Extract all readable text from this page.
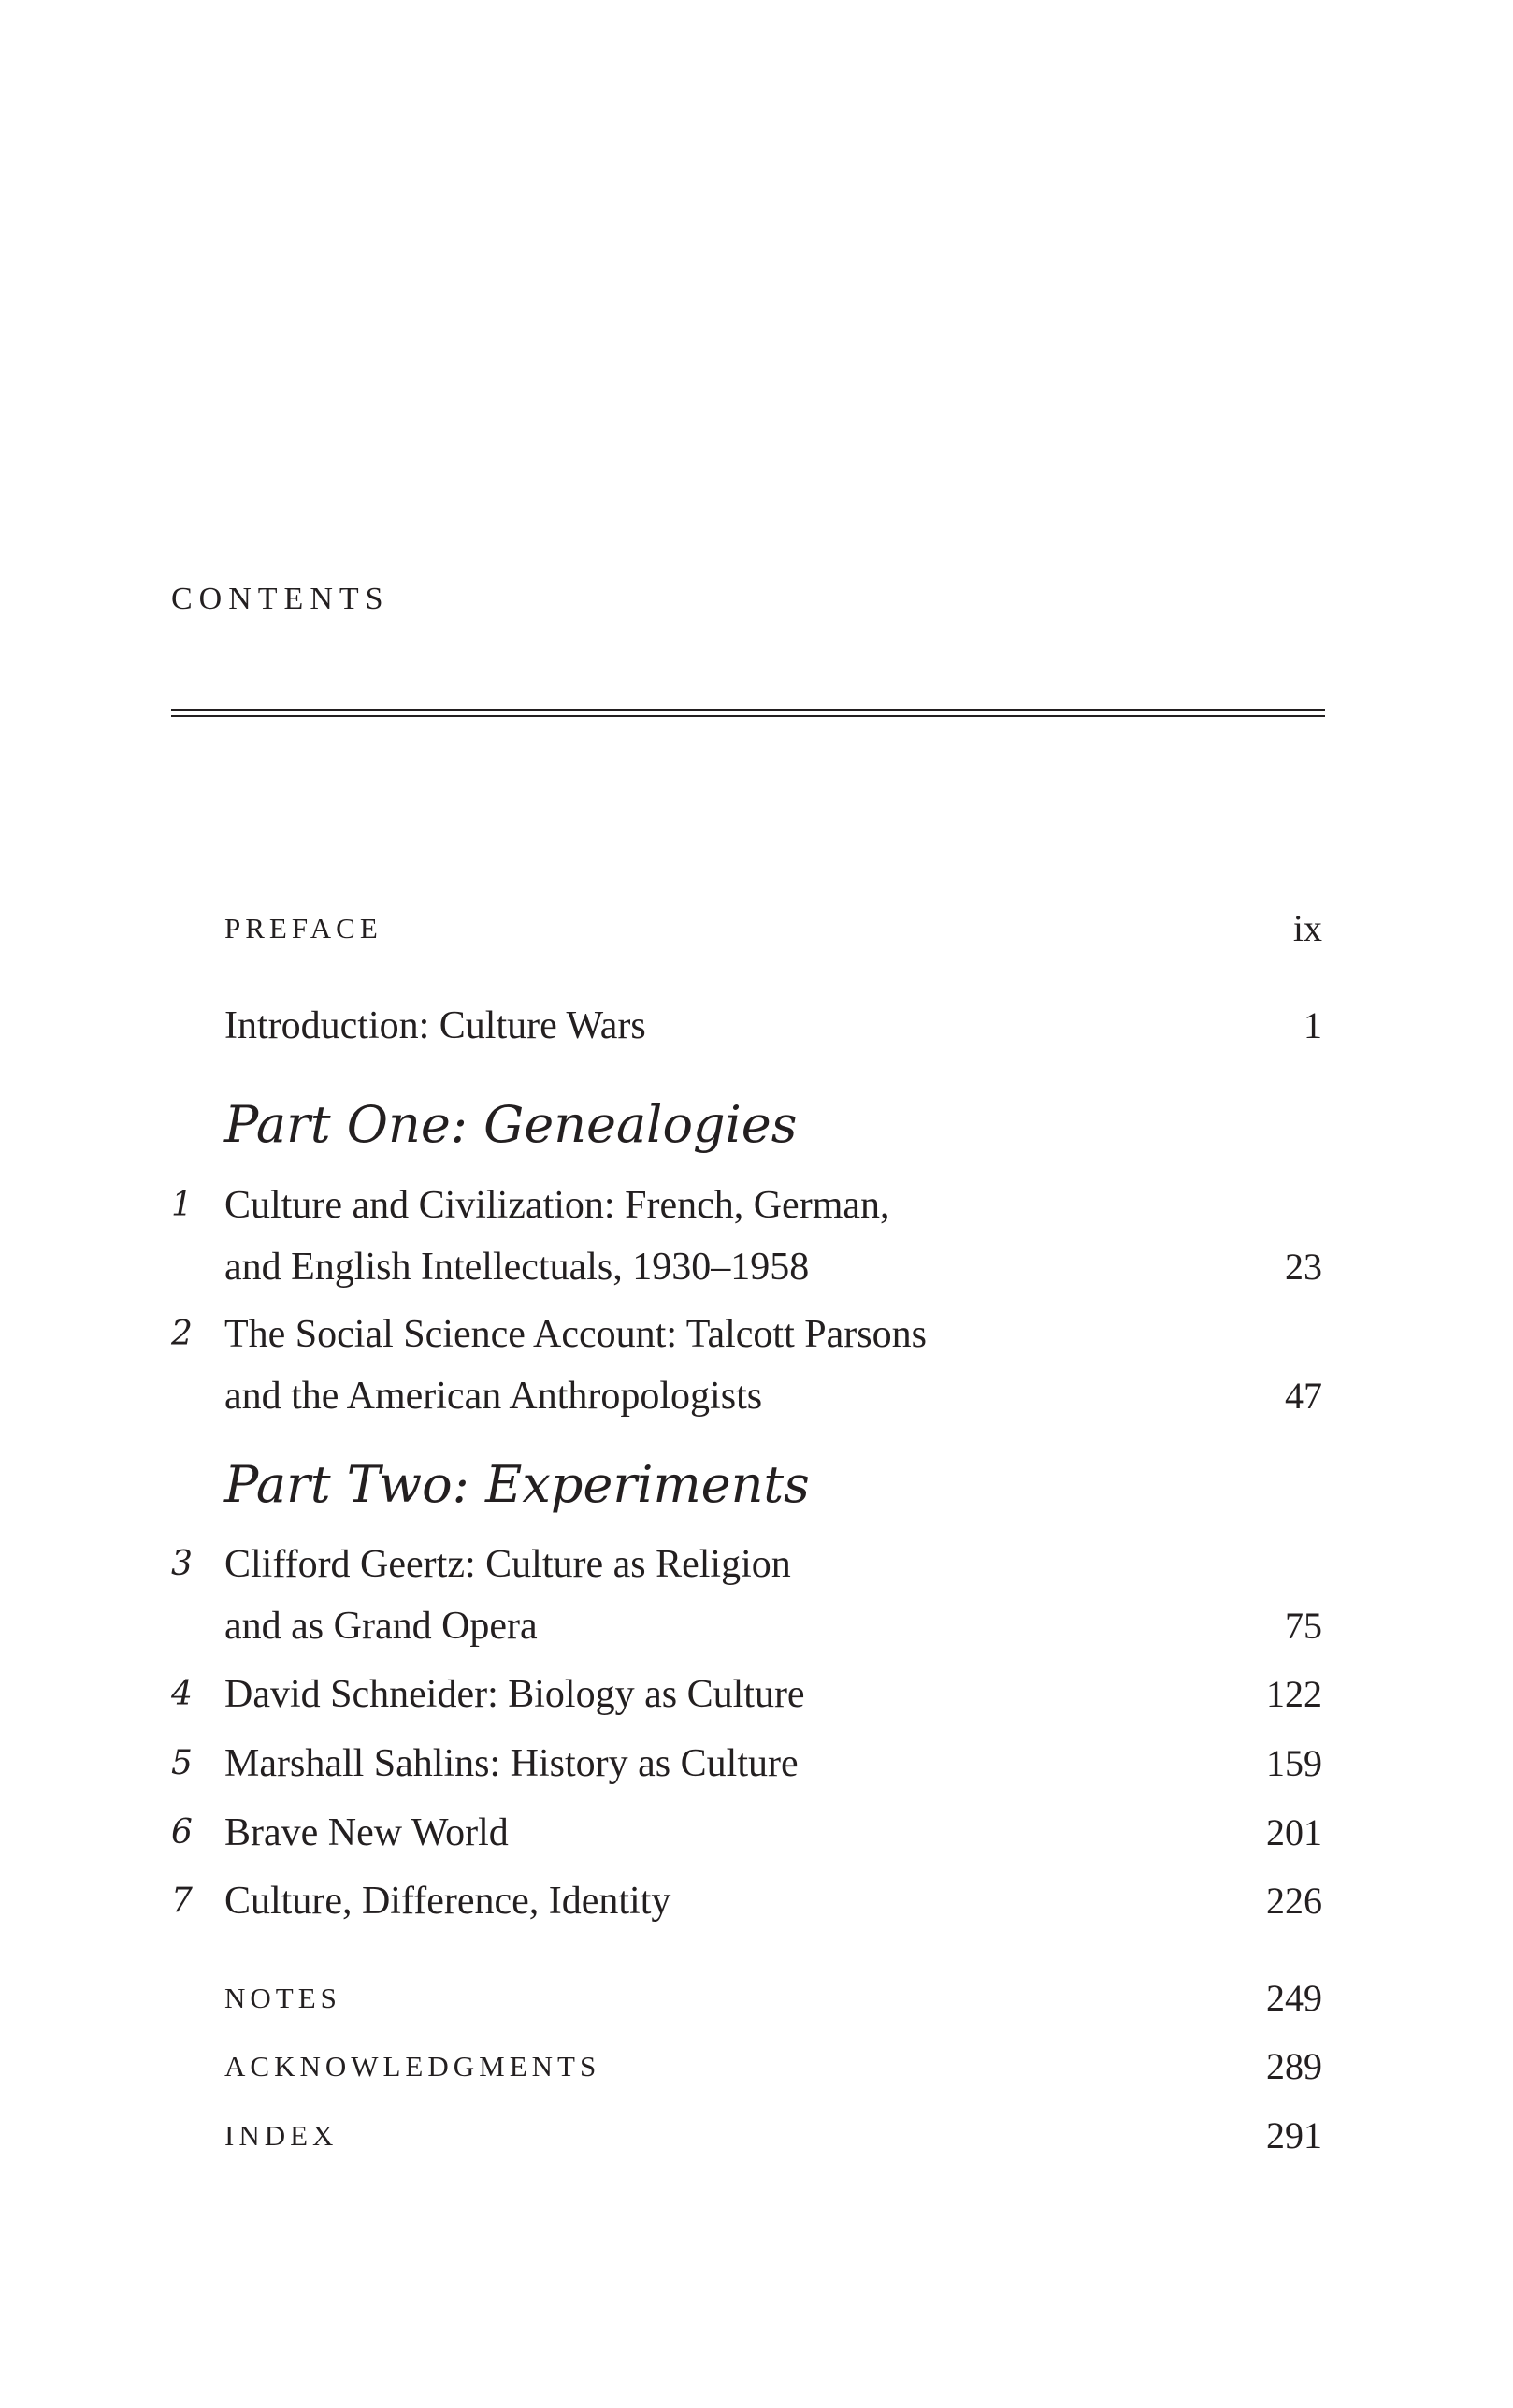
CONTENTS
PREFACE	ix
Introduction: Culture Wars	1
Part One: Genealogies
1 Culture and Civilization: French, German,
and English Intellectuals, 1930–1958	23
2 The Social Science Account: Talcott Parsons
and the American Anthropologists	47
Part Two: Experiments
3 Clifford Geertz: Culture as Religion
and as Grand Opera	75
4 David Schneider: Biology as Culture	122
5 Marshall Sahlins: History as Culture	159
6 Brave New World	201
7 Culture, Difference, Identity	226
NOTES	249
ACKNOWLEDGMENTS	289
INDEX	291
